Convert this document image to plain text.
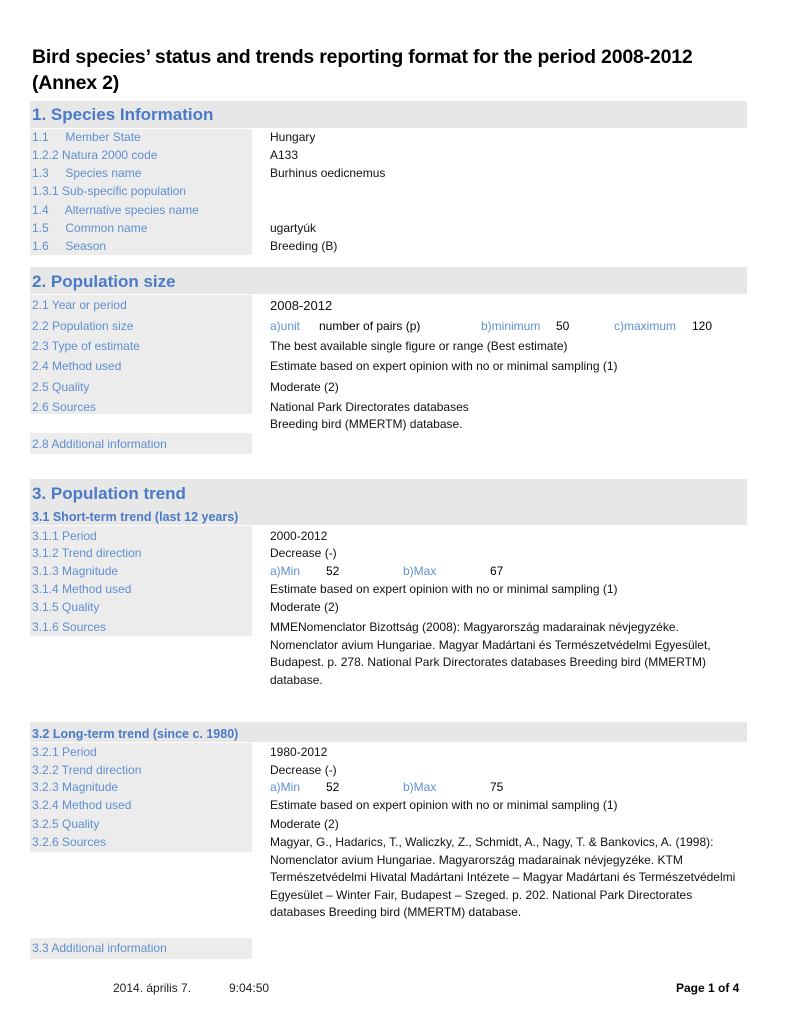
Bird species’ status and trends reporting format for the period 2008-2012
(Annex 2)
1. Species Information
1.1     Member State	Hungary
1.2.2 Natura 2000 code	A133
1.3     Species name	Burhinus oedicnemus
1.3.1 Sub-specific population
1.4     Alternative species name
1.5     Common name	ugartyúk
1.6     Season	Breeding (B)
2. Population size
2.1 Year or period	2008-2012
2.2 Population size	a)unit number of pairs (p)	b)minimum 50	c)maximum 120
2.3 Type of estimate	The best available single figure or range (Best estimate)
2.4 Method used	Estimate based on expert opinion with no or minimal sampling (1)
2.5 Quality	Moderate (2)
2.6 Sources	National Park Directorates databases
Breeding bird (MMERTM) database.
2.8 Additional information
3. Population trend
3.1 Short-term trend (last 12 years)
3.1.1 Period	2000-2012
3.1.2 Trend direction	Decrease (-)
3.1.3 Magnitude	a)Min 52	b)Max	67
3.1.4 Method used	Estimate based on expert opinion with no or minimal sampling (1)
3.1.5 Quality	Moderate (2)
3.1.6 Sources	MMENomenclator Bizottság (2008): Magyarország madarainak névjegyzéke. Nomenclator avium Hungariae. Magyar Madártani és Természetvédelmi Egyesület, Budapest. p. 278. National Park Directorates databases Breeding bird (MMERTM) database.
3.2 Long-term trend (since c. 1980)
3.2.1 Period	1980-2012
3.2.2 Trend direction	Decrease (-)
3.2.3 Magnitude	a)Min 52	b)Max	75
3.2.4 Method used	Estimate based on expert opinion with no or minimal sampling (1)
3.2.5 Quality	Moderate (2)
3.2.6 Sources	Magyar, G., Hadarics, T., Waliczky, Z., Schmidt, A., Nagy, T. & Bankovics, A. (1998): Nomenclator avium Hungariae. Magyarország madarainak névjegyzéke. KTM Természetvédelmi Hivatal Madártani Intézete – Magyar Madártani és Természetvédelmi Egyesület – Winter Fair, Budapest – Szeged. p. 202. National Park Directorates databases Breeding bird (MMERTM) database.
3.3 Additional information
2014. április 7.	9:04:50	Page 1 of 4
